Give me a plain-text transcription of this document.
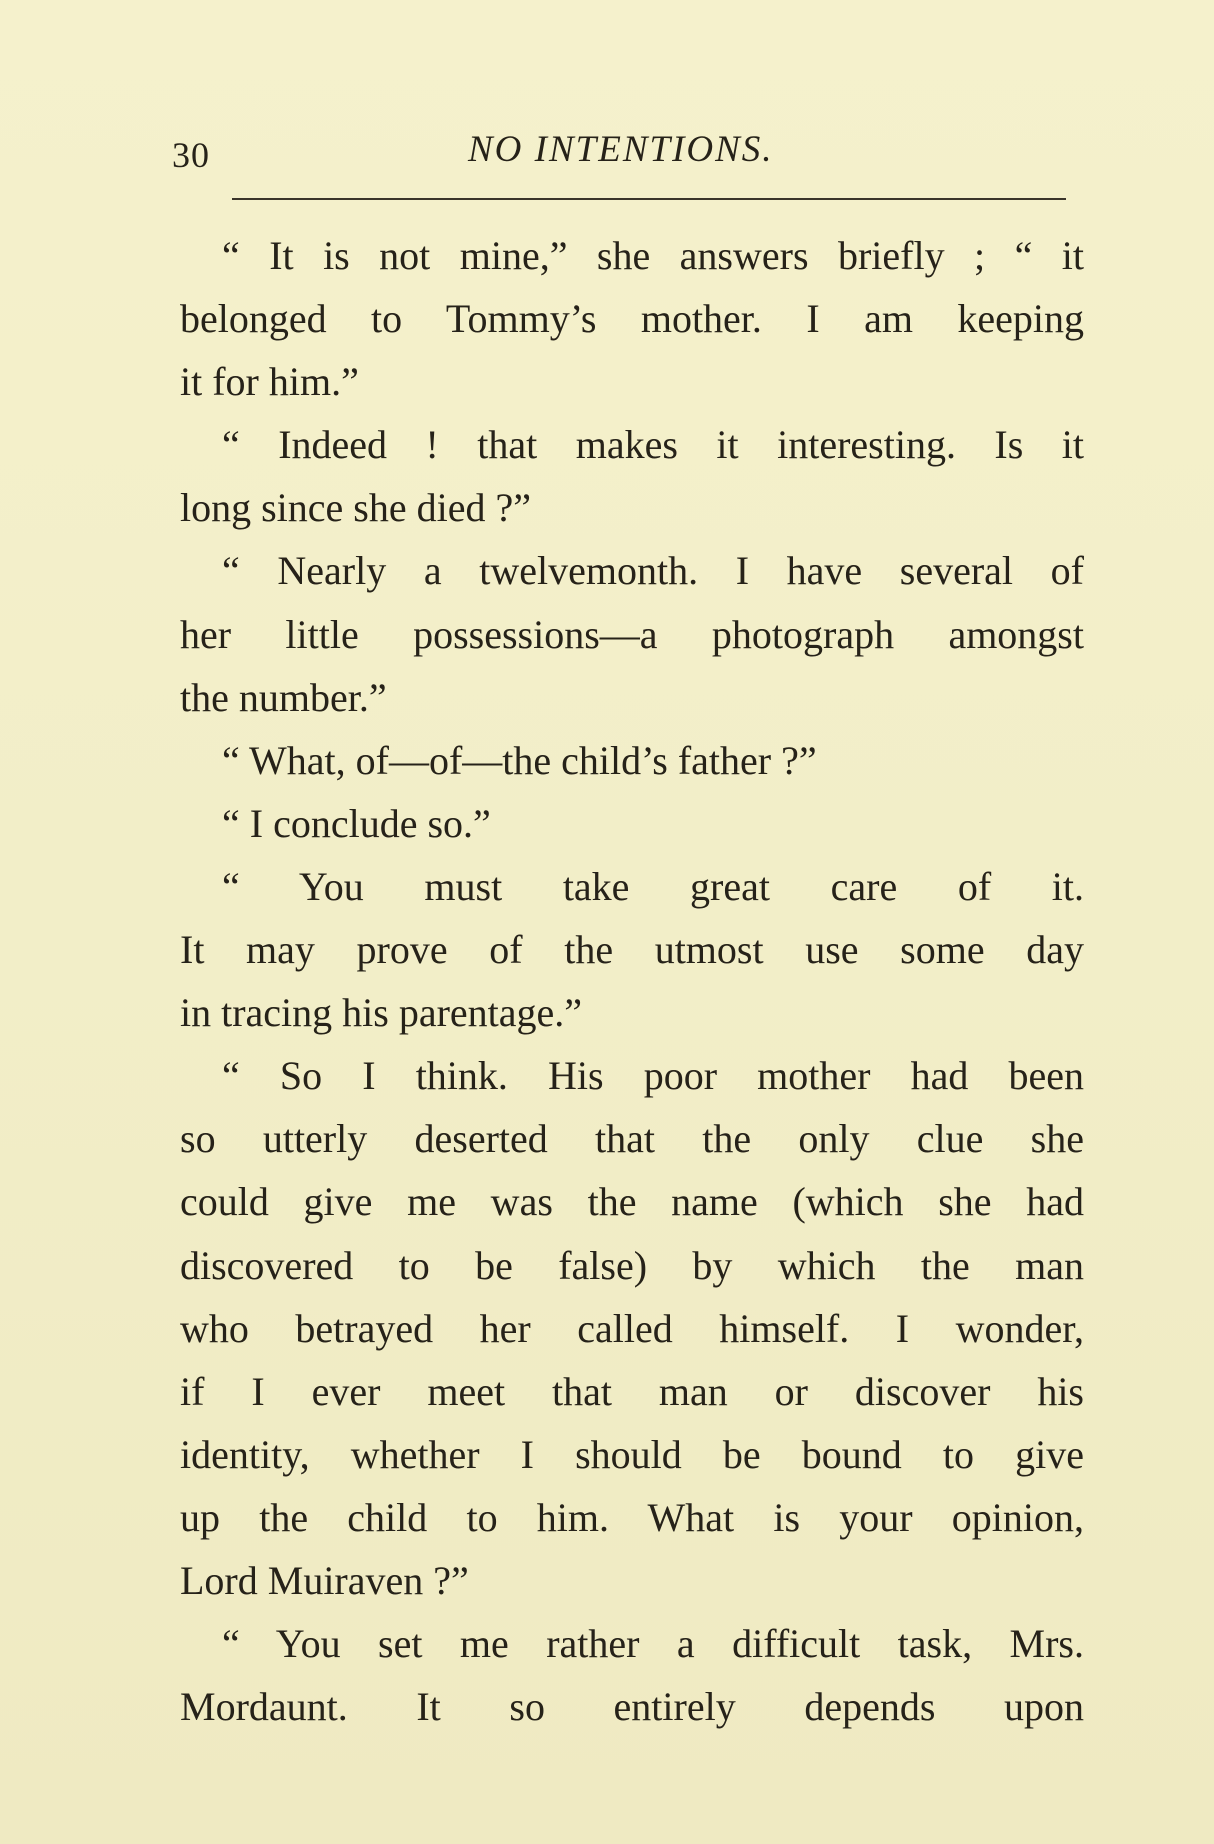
30	NO INTENTIONS.
“ It is not mine,” she answers briefly ; “ it
belonged to Tommy’s mother. I am keeping
it for him.”
“ Indeed ! that makes it interesting. Is it
long since she died ?”
“ Nearly a twelvemonth. I have several of
her little possessions—a photograph amongst
the number.”
“ What, of—of—the child’s father ?”
“ I conclude so.”
“ You must take great care of it.
It may prove of the utmost use some day
in tracing his parentage.”
“ So I think. His poor mother had been
so utterly deserted that the only clue she
could give me was the name (which she had
discovered to be false) by which the man
who betrayed her called himself. I wonder,
if I ever meet that man or discover his
identity, whether I should be bound to give
up the child to him. What is your opinion,
Lord Muiraven ?”
“ You set me rather a difficult task, Mrs.
Mordaunt. It so entirely depends upon
